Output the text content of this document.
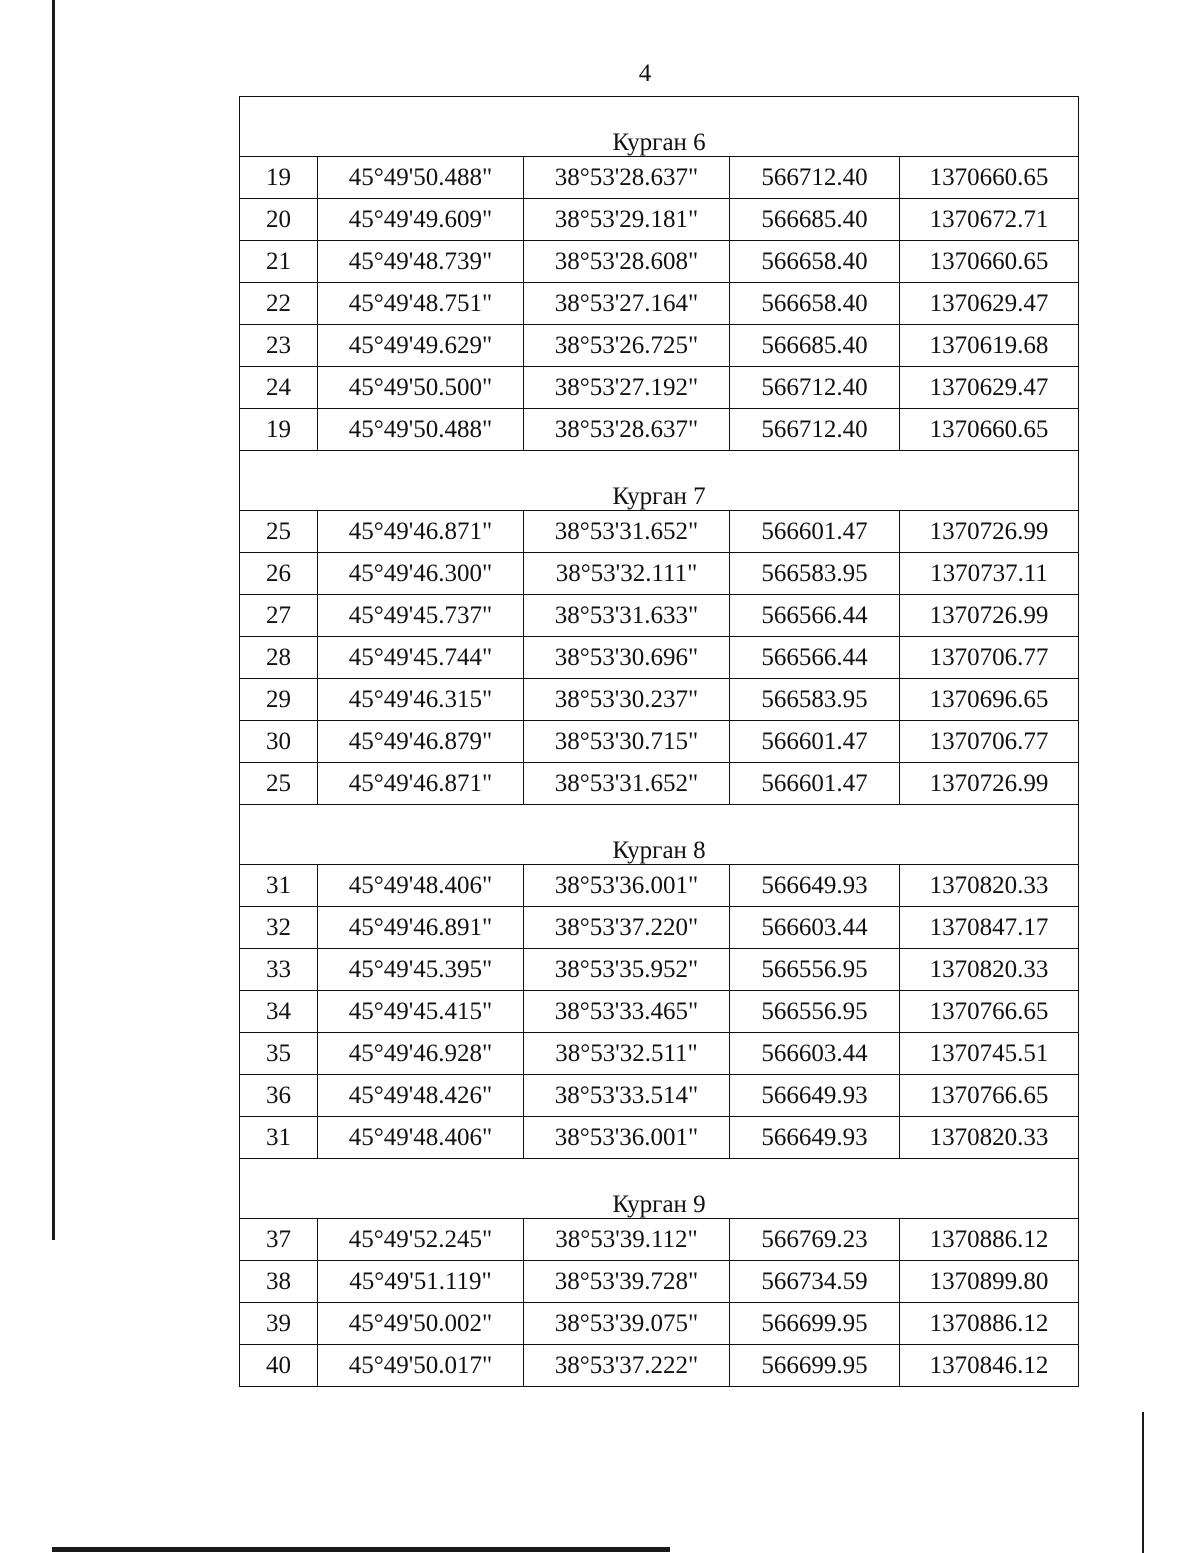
4
Курган 6				
19	45°49'50.488"	38°53'28.637"	566712.40	1370660.65
20	45°49'49.609"	38°53'29.181"	566685.40	1370672.71
21	45°49'48.739"	38°53'28.608"	566658.40	1370660.65
22	45°49'48.751"	38°53'27.164"	566658.40	1370629.47
23	45°49'49.629"	38°53'26.725"	566685.40	1370619.68
24	45°49'50.500"	38°53'27.192"	566712.40	1370629.47
19	45°49'50.488"	38°53'28.637"	566712.40	1370660.65
Курган 7				
25	45°49'46.871"	38°53'31.652"	566601.47	1370726.99
26	45°49'46.300"	38°53'32.111"	566583.95	1370737.11
27	45°49'45.737"	38°53'31.633"	566566.44	1370726.99
28	45°49'45.744"	38°53'30.696"	566566.44	1370706.77
29	45°49'46.315"	38°53'30.237"	566583.95	1370696.65
30	45°49'46.879"	38°53'30.715"	566601.47	1370706.77
25	45°49'46.871"	38°53'31.652"	566601.47	1370726.99
Курган 8				
31	45°49'48.406"	38°53'36.001"	566649.93	1370820.33
32	45°49'46.891"	38°53'37.220"	566603.44	1370847.17
33	45°49'45.395"	38°53'35.952"	566556.95	1370820.33
34	45°49'45.415"	38°53'33.465"	566556.95	1370766.65
35	45°49'46.928"	38°53'32.511"	566603.44	1370745.51
36	45°49'48.426"	38°53'33.514"	566649.93	1370766.65
31	45°49'48.406"	38°53'36.001"	566649.93	1370820.33
Курган 9				
37	45°49'52.245"	38°53'39.112"	566769.23	1370886.12
38	45°49'51.119"	38°53'39.728"	566734.59	1370899.80
39	45°49'50.002"	38°53'39.075"	566699.95	1370886.12
40	45°49'50.017"	38°53'37.222"	566699.95	1370846.12
